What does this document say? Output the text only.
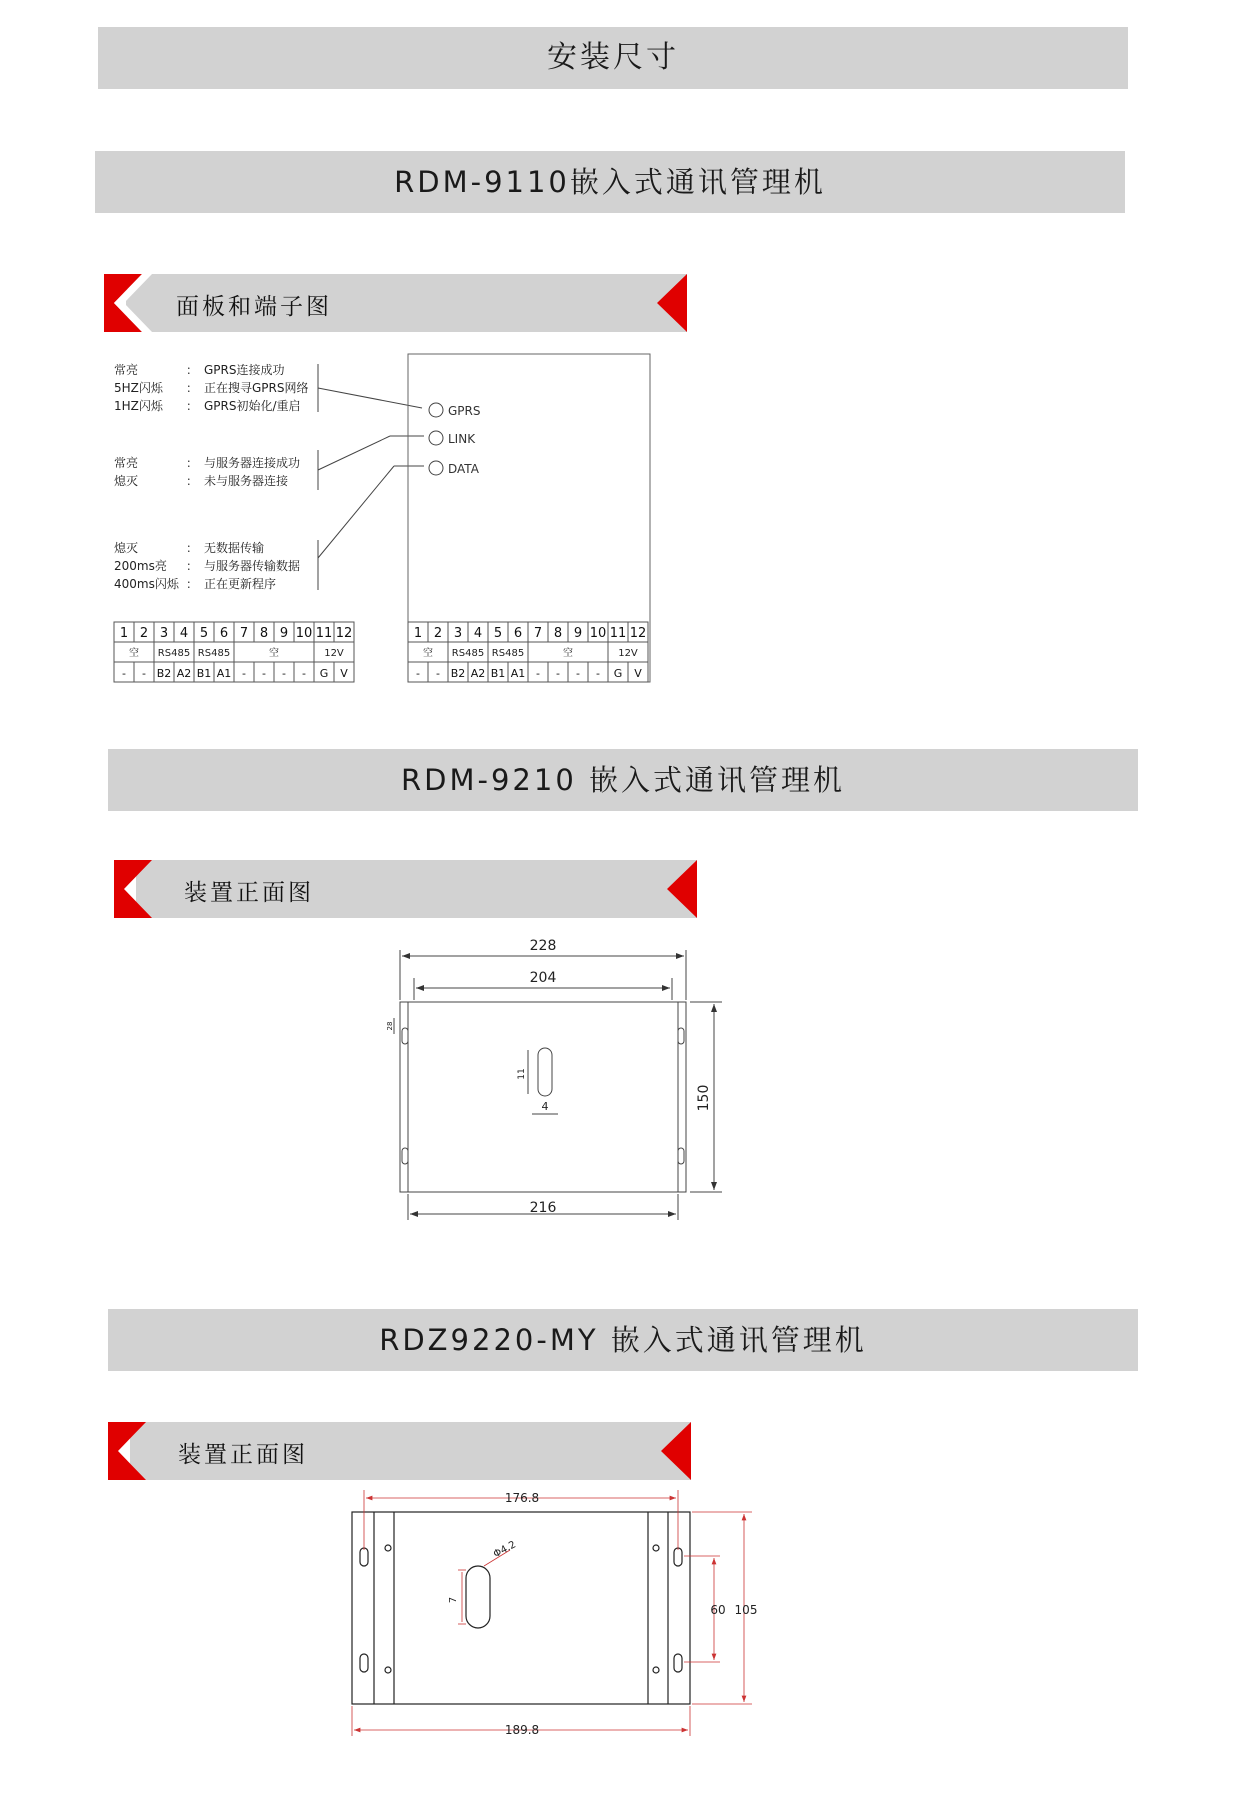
安装尺寸
RDM-9110嵌入式通讯管理机
RDM-9210 嵌入式通讯管理机
RDZ9220-MY 嵌入式通讯管理机
面板和端子图
装置正面图
装置正面图
常亮	： GPRS连接成功
5HZ闪烁 ： 正在搜寻GPRS网络
1HZ闪烁 ： GPRS初始化/重启
常亮	： 与服务器连接成功
熄灭	： 未与服务器连接
熄灭	： 无数据传输
200ms亮 ： 与服务器传输数据
400ms闪烁 ： 正在更新程序
GPRS
LINK
DATA
1 2 3 4 5 6 7 8 9 10 11 12
空 RS485 RS485	空	12V
- - B2 A2 B1 A1 - - - - G V
1 2 3 4 5 6 7 8 9 10 11 12
空 RS485 RS485	空	12V
- - B2 A2 B1 A1 - - - - G V
228
204
216
150
11
4
28
176.8
189.8
60 105
7
Φ4.2
